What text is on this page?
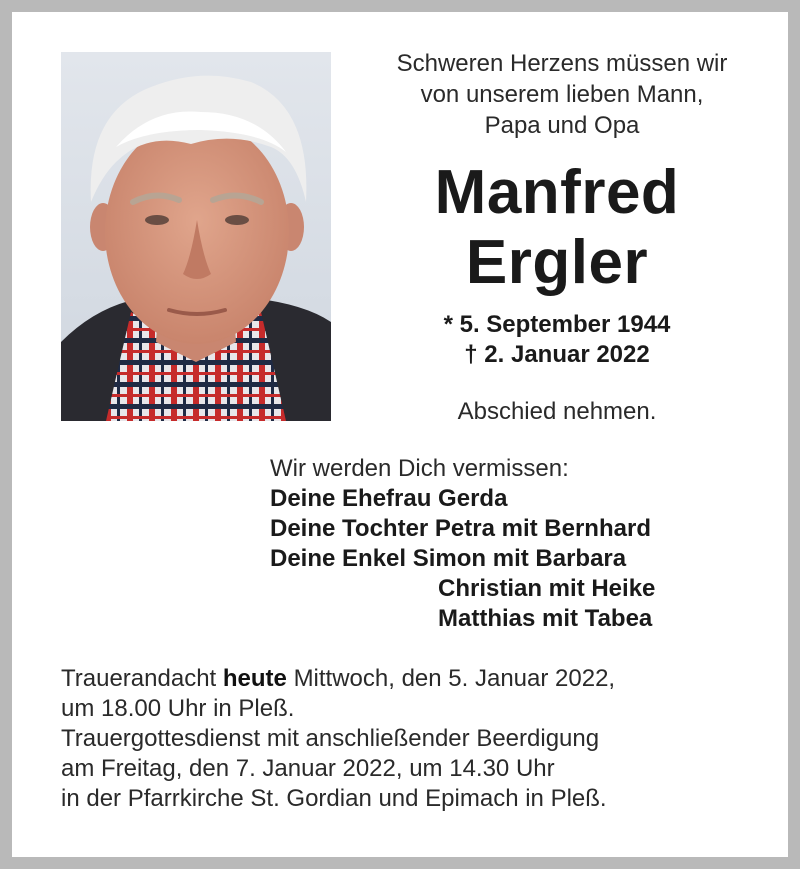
Schweren Herzens müssen wir
von unserem lieben Mann,
Papa und Opa
Manfred
Ergler
* 5. September 1944
† 2. Januar 2022
Abschied nehmen.
Wir werden Dich vermissen:
Deine Ehefrau Gerda
Deine Tochter Petra mit Bernhard
Deine Enkel Simon mit Barbara
Christian mit Heike
Matthias mit Tabea
Trauerandacht heute Mittwoch, den 5. Januar 2022,
um 18.00 Uhr in Pleß.
Trauergottesdienst mit anschließender Beerdigung
am Freitag, den 7. Januar 2022, um 14.30 Uhr
in der Pfarrkirche St. Gordian und Epimach in Pleß.
